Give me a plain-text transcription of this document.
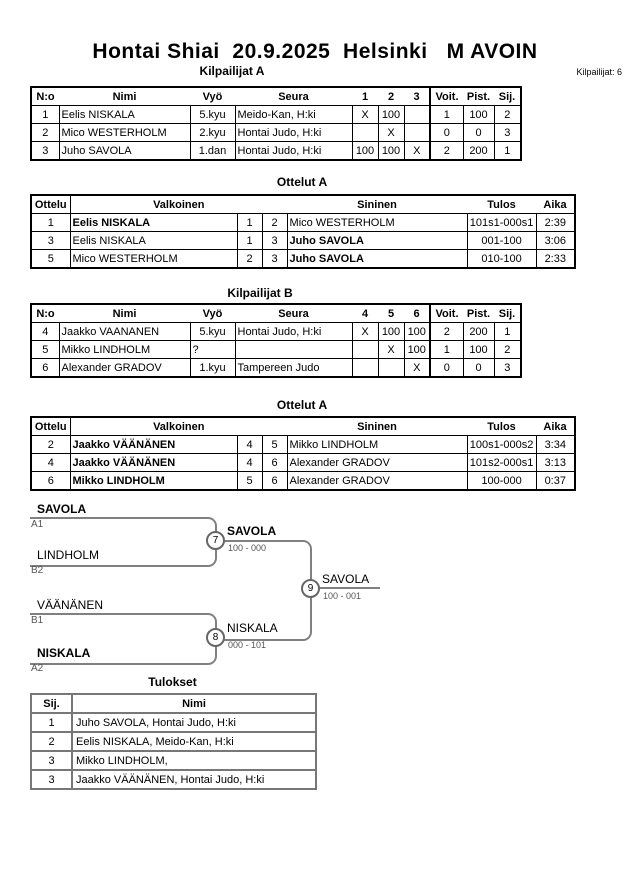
Hontai Shiai  20.9.2025  Helsinki   M AVOIN
Kilpailijat A	Kilpailijat: 6
N:o	Nimi	Vyö	Seura	1	2	3	Voit.	Pist.	Sij.
1	Eelis NISKALA	5.kyu	Meido-Kan, H:ki	X	100		1	100	2
2	Mico WESTERHOLM	2.kyu	Hontai Judo, H:ki		X		0	0	3
3	Juho SAVOLA	1.dan	Hontai Judo, H:ki	100	100	X	2	200	1
Ottelut A
Ottelu	Valkoinen			Sininen	Tulos	Aika
1	Eelis NISKALA	1	2	Mico WESTERHOLM	101s1-000s1	2:39
3	Eelis NISKALA	1	3	Juho SAVOLA	001-100	3:06
5	Mico WESTERHOLM	2	3	Juho SAVOLA	010-100	2:33
Kilpailijat B
N:o	Nimi	Vyö	Seura	4	5	6	Voit.	Pist.	Sij.
4	Jaakko VAANANEN	5.kyu	Hontai Judo, H:ki	X	100	100	2	200	1
5	Mikko LINDHOLM	?			X	100	1	100	2
6	Alexander GRADOV	1.kyu	Tampereen Judo			X	0	0	3
Ottelut A
Ottelu	Valkoinen			Sininen	Tulos	Aika
2	Jaakko VÄÄNÄNEN	4	5	Mikko LINDHOLM	100s1-000s2	3:34
4	Jaakko VÄÄNÄNEN	4	6	Alexander GRADOV	101s2-000s1	3:13
6	Mikko LINDHOLM	5	6	Alexander GRADOV	100-000	0:37
SAVOLA
A1
LINDHOLM
B2
VÄÄNÄNEN
B1
NISKALA
A2
7
SAVOLA
100 - 000
8
NISKALA
000 - 101
9
SAVOLA
100 - 001
Tulokset
Sij.	Nimi
1	Juho SAVOLA, Hontai Judo, H:ki
2	Eelis NISKALA, Meido-Kan, H:ki
3	Mikko LINDHOLM,
3	Jaakko VÄÄNÄNEN, Hontai Judo, H:ki
